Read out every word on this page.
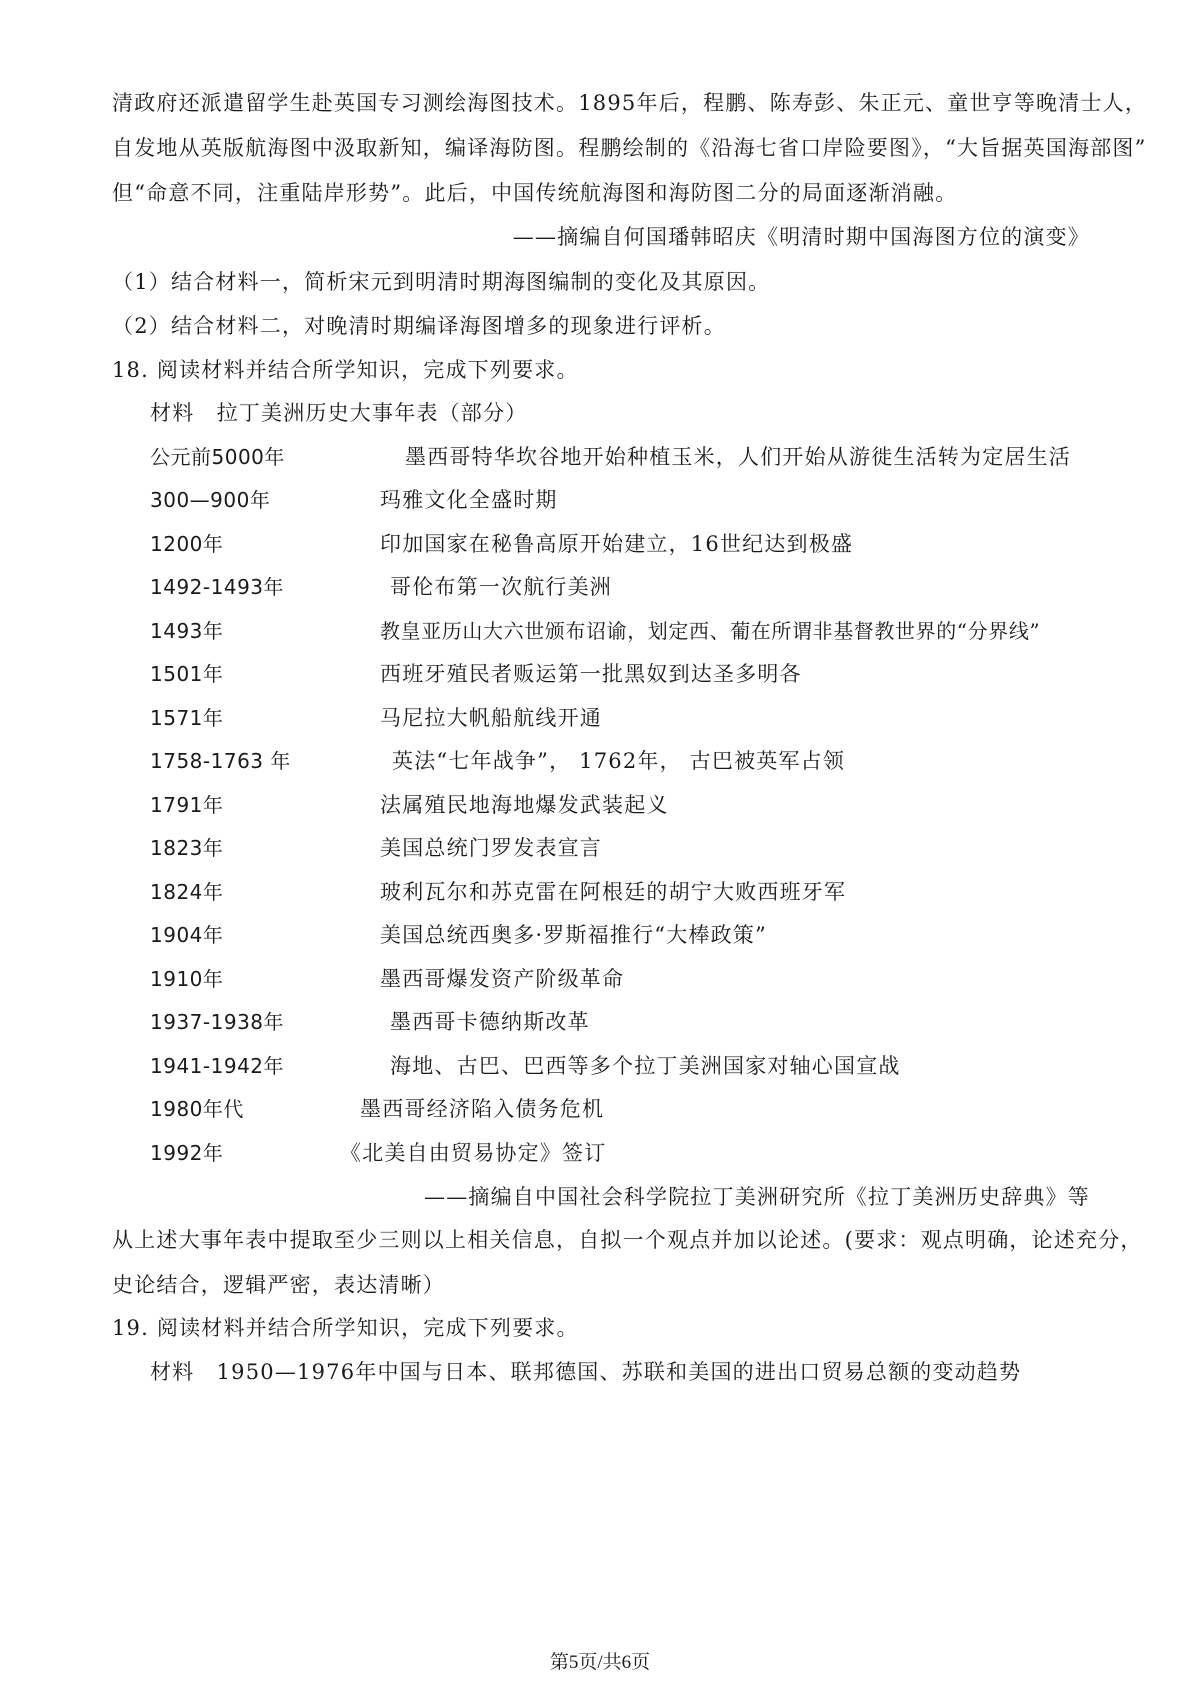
清政府还派遣留学生赴英国专习测绘海图技术。1895年后，程鹏、陈寿彭、朱正元、童世亨等晚清士人，
自发地从英版航海图中汲取新知，编译海防图。程鹏绘制的《沿海七省口岸险要图》，“大旨据英国海部图”
但“命意不同，注重陆岸形势”。此后，中国传统航海图和海防图二分的局面逐渐消融。
——摘编自何国璠韩昭庆《明清时期中国海图方位的演变》
（1）结合材料一，简析宋元到明清时期海图编制的变化及其原因。
（2）结合材料二，对晚清时期编译海图增多的现象进行评析。
18. 阅读材料并结合所学知识，完成下列要求。
材料　拉丁美洲历史大事年表（部分）
公元前5000年	墨西哥特华坎谷地开始种植玉米，人们开始从游徙生活转为定居生活
300—900年	玛雅文化全盛时期
1200年	印加国家在秘鲁高原开始建立，16世纪达到极盛
1492-1493年	哥伦布第一次航行美洲
1493年	教皇亚历山大六世颁布诏谕，划定西、葡在所谓非基督教世界的“分界线”
1501年	西班牙殖民者贩运第一批黑奴到达圣多明各
1571年	马尼拉大帆船航线开通
1758-1763 年	英法“七年战争”， 1762年， 古巴被英军占领
1791年	法属殖民地海地爆发武装起义
1823年	美国总统门罗发表宣言
1824年	玻利瓦尔和苏克雷在阿根廷的胡宁大败西班牙军
1904年	美国总统西奥多·罗斯福推行“大棒政策”
1910年	墨西哥爆发资产阶级革命
1937-1938年	墨西哥卡德纳斯改革
1941-1942年	海地、古巴、巴西等多个拉丁美洲国家对轴心国宣战
1980年代	墨西哥经济陷入债务危机
1992年	《北美自由贸易协定》签订
——摘编自中国社会科学院拉丁美洲研究所《拉丁美洲历史辞典》等
从上述大事年表中提取至少三则以上相关信息，自拟一个观点并加以论述。(要求：观点明确，论述充分，
史论结合，逻辑严密，表达清晰）
19. 阅读材料并结合所学知识，完成下列要求。
材料　1950—1976年中国与日本、联邦德国、苏联和美国的进出口贸易总额的变动趋势
第5页/共6页
